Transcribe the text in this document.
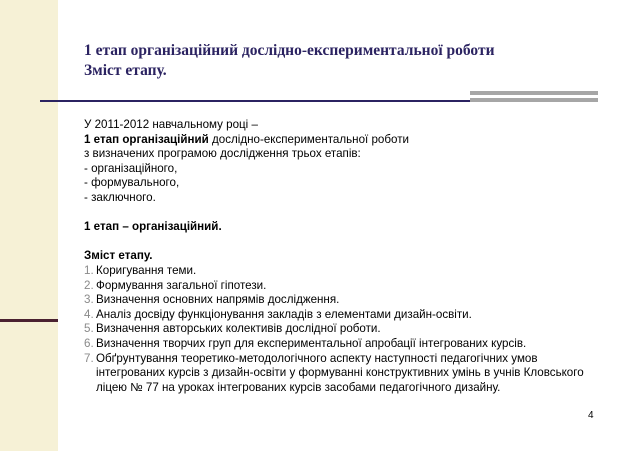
1 етап організаційний дослідно-експериментальної роботи
Зміст етапу.
У 2011-2012 навчальному році –
1 етап організаційний дослідно-експериментальної роботи
з визначених програмою дослідження трьох етапів:
- організаційного,
- формувального,
- заключного.
1 етап – організаційний.
Зміст етапу.
1. Коригування теми.
2. Формування загальної гіпотези.
3. Визначення основних напрямів дослідження.
4. Аналіз досвіду функціонування закладів з елементами дизайн-освіти.
5. Визначення авторських колективів дослідної роботи.
6. Визначення творчих груп для експериментальної апробації інтегрованих курсів.
7. Обґрунтування теоретико-методологічного аспекту наступності педагогічних умов інтегрованих курсів з дизайн-освіти у формуванні конструктивних умінь в учнів Кловського ліцею № 77 на уроках інтегрованих курсів засобами педагогічного дизайну.
4
